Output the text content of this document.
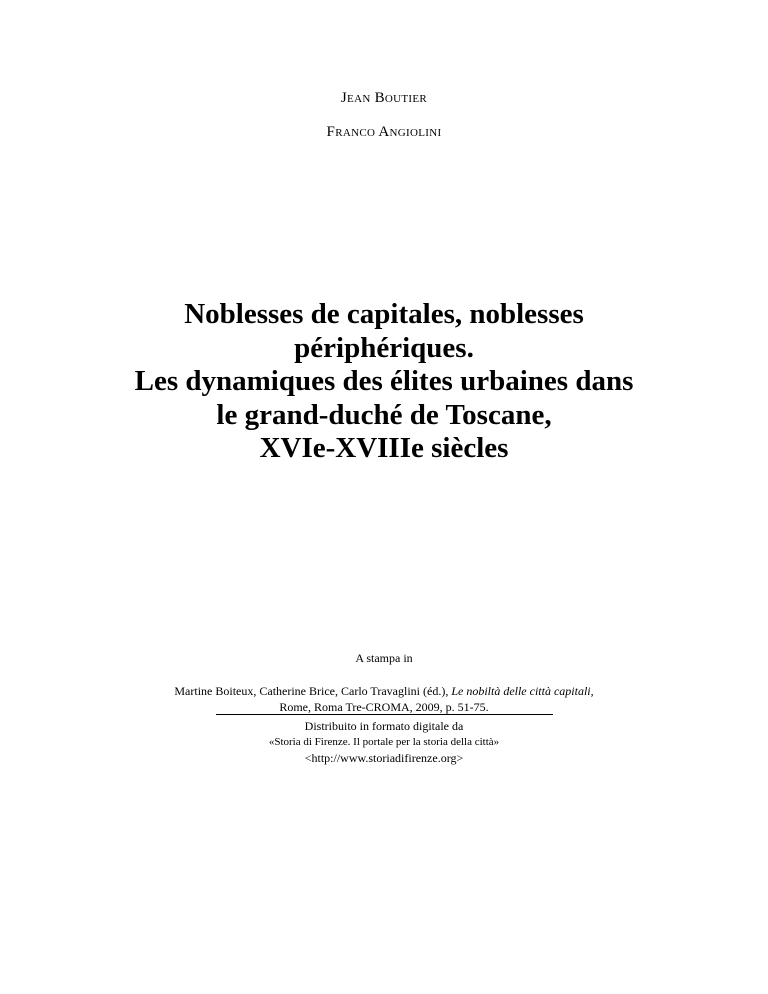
Jean Boutier
Franco Angiolini
Noblesses de capitales, noblesses
périphériques.
Les dynamiques des élites urbaines dans
le grand-duché de Toscane,
XVIe-XVIIIe siècles
A stampa in
Martine Boiteux, Catherine Brice, Carlo Travaglini (éd.), Le nobiltà delle città capitali,
Rome, Roma Tre-CROMA, 2009, p. 51-75.
Distribuito in formato digitale da
«Storia di Firenze. Il portale per la storia della città»
<http://www.storiadifirenze.org>
